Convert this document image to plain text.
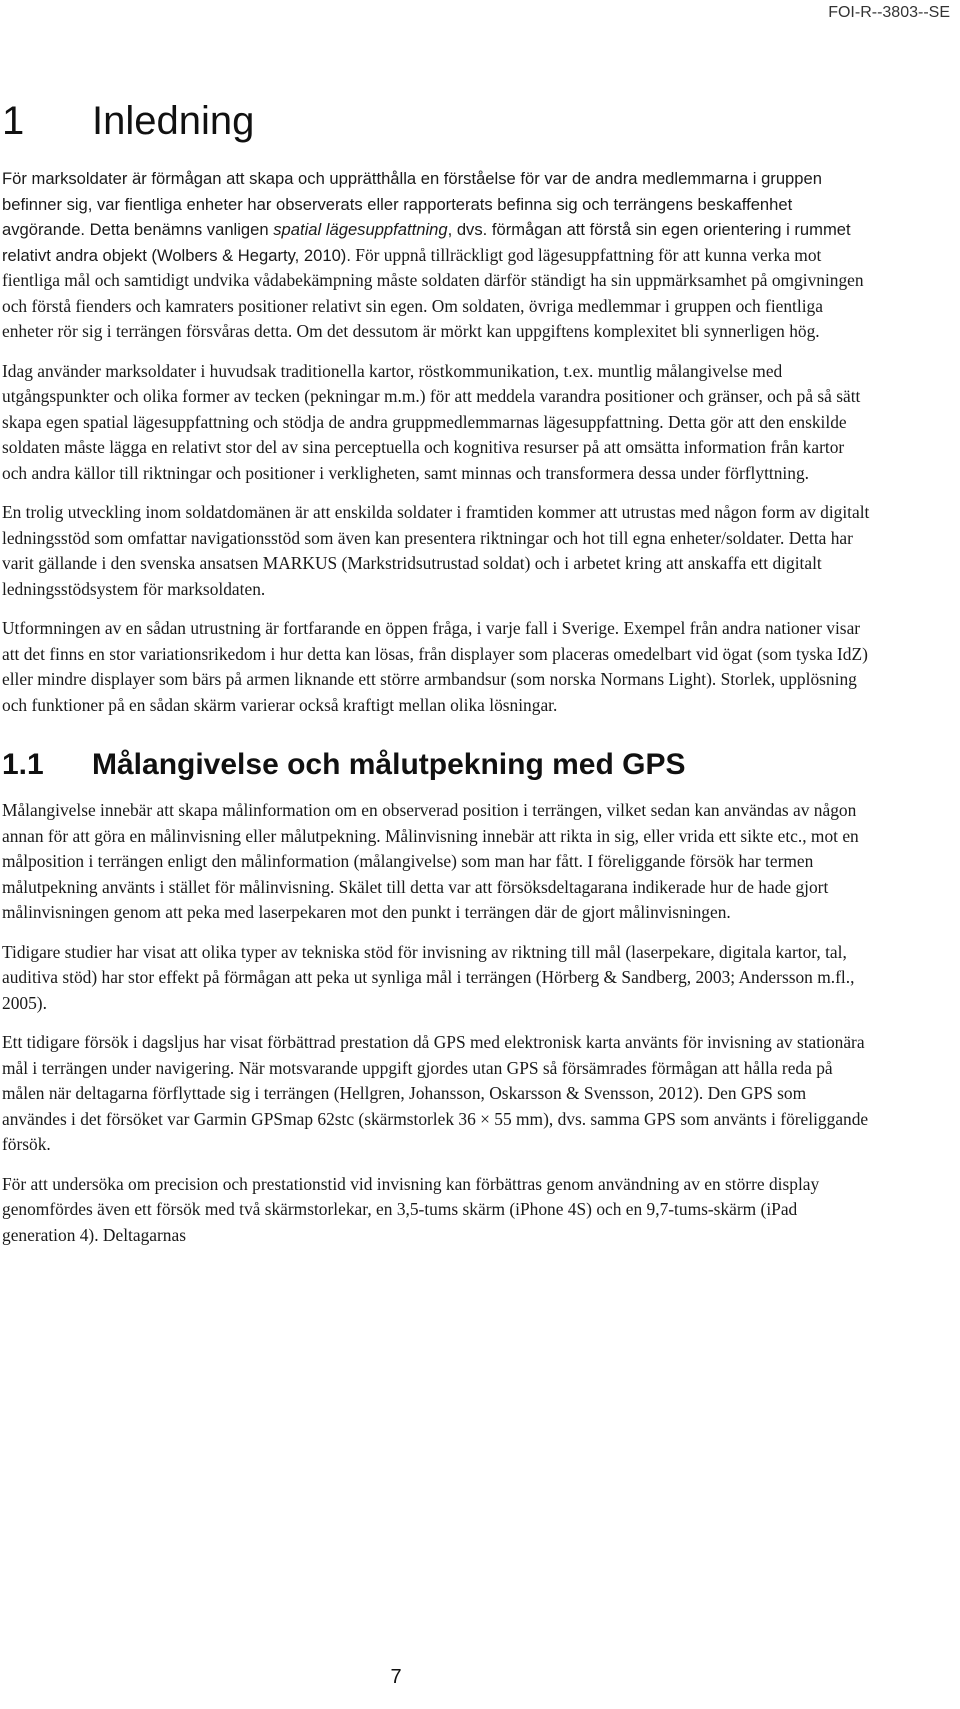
FOI-R--3803--SE
1 Inledning

För marksoldater är förmågan att skapa och upprätthålla en förståelse för var de andra medlemmarna i gruppen befinner sig, var fientliga enheter har observerats eller rapporterats befinna sig och terrängens beskaffenhet avgörande. Detta benämns vanligen spatial lägesuppfattning, dvs. förmågan att förstå sin egen orientering i rummet relativt andra objekt (Wolbers & Hegarty, 2010). För uppnå tillräckligt god lägesuppfattning för att kunna verka mot fientliga mål och samtidigt undvika vådabekämpning måste soldaten därför ständigt ha sin uppmärksamhet på omgivningen och förstå fienders och kamraters positioner relativt sin egen. Om soldaten, övriga medlemmar i gruppen och fientliga enheter rör sig i terrängen försvåras detta. Om det dessutom är mörkt kan uppgiftens komplexitet bli synnerligen hög.

Idag använder marksoldater i huvudsak traditionella kartor, röstkommunikation, t.ex. muntlig målangivelse med utgångspunkter och olika former av tecken (pekningar m.m.) för att meddela varandra positioner och gränser, och på så sätt skapa egen spatial lägesuppfattning och stödja de andra gruppmedlemmarnas lägesuppfattning. Detta gör att den enskilde soldaten måste lägga en relativt stor del av sina perceptuella och kognitiva resurser på att omsätta information från kartor och andra källor till riktningar och positioner i verkligheten, samt minnas och transformera dessa under förflyttning.

En trolig utveckling inom soldatdomänen är att enskilda soldater i framtiden kommer att utrustas med någon form av digitalt ledningsstöd som omfattar navigationsstöd som även kan presentera riktningar och hot till egna enheter/soldater. Detta har varit gällande i den svenska ansatsen MARKUS (Markstridsutrustad soldat) och i arbetet kring att anskaffa ett digitalt ledningsstödsystem för marksoldaten.

Utformningen av en sådan utrustning är fortfarande en öppen fråga, i varje fall i Sverige. Exempel från andra nationer visar att det finns en stor variationsrikedom i hur detta kan lösas, från displayer som placeras omedelbart vid ögat (som tyska IdZ) eller mindre displayer som bärs på armen liknande ett större armbandsur (som norska Normans Light). Storlek, upplösning och funktioner på en sådan skärm varierar också kraftigt mellan olika lösningar.

1.1 Målangivelse och målutpekning med GPS

Målangivelse innebär att skapa målinformation om en observerad position i terrängen, vilket sedan kan användas av någon annan för att göra en målinvisning eller målutpekning. Målinvisning innebär att rikta in sig, eller vrida ett sikte etc., mot en målposition i terrängen enligt den målinformation (målangivelse) som man har fått. I föreliggande försök har termen målutpekning använts i stället för målinvisning. Skälet till detta var att försöksdeltagarana indikerade hur de hade gjort målinvisningen genom att peka med laserpekaren mot den punkt i terrängen där de gjort målinvisningen.

Tidigare studier har visat att olika typer av tekniska stöd för invisning av riktning till mål (laserpekare, digitala kartor, tal, auditiva stöd) har stor effekt på förmågan att peka ut synliga mål i terrängen (Hörberg & Sandberg, 2003; Andersson m.fl., 2005).

Ett tidigare försök i dagsljus har visat förbättrad prestation då GPS med elektronisk karta använts för invisning av stationära mål i terrängen under navigering. När motsvarande uppgift gjordes utan GPS så försämrades förmågan att hålla reda på målen när deltagarna förflyttade sig i terrängen (Hellgren, Johansson, Oskarsson & Svensson, 2012). Den GPS som användes i det försöket var Garmin GPSmap 62stc (skärmstorlek 36 × 55 mm), dvs. samma GPS som använts i föreliggande försök.

För att undersöka om precision och prestationstid vid invisning kan förbättras genom användning av en större display genomfördes även ett försök med två skärmstorlekar, en 3,5-tums skärm (iPhone 4S) och en 9,7-tums-skärm (iPad generation 4). Deltagarnas

7
